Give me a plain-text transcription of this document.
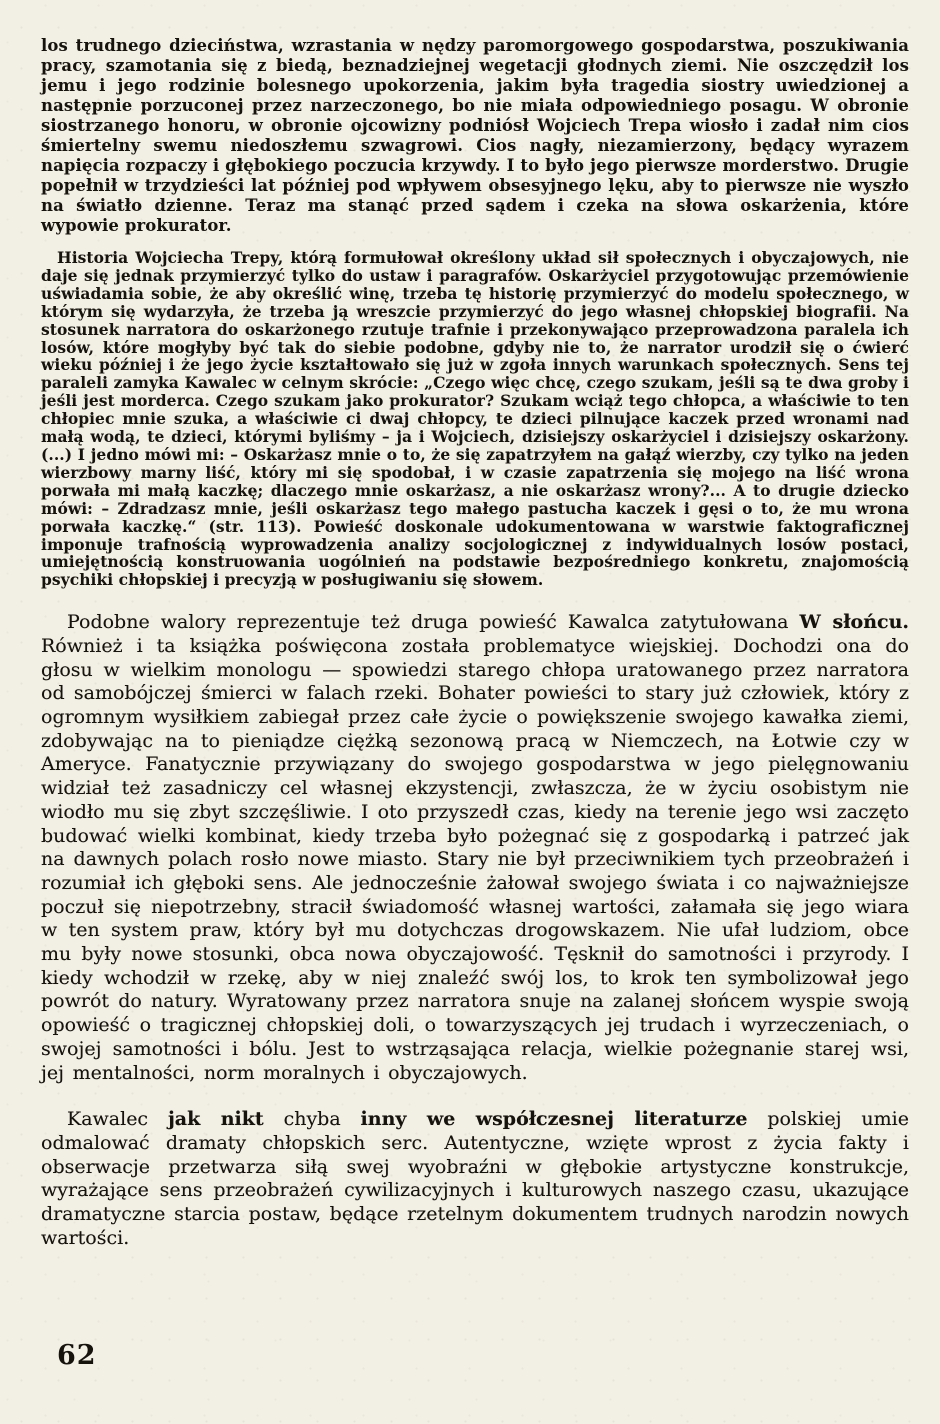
los trudnego dzieciństwa, wzrastania w nędzy paromorgowego gospodarstwa, poszukiwania pracy, szamotania się z biedą, beznadziejnej wegetacji głodnych ziemi. Nie oszczędził los jemu i jego rodzinie bolesnego upokorzenia, jakim była tragedia siostry uwiedzionej a następnie porzuconej przez narzeczonego, bo nie miała odpowiedniego posagu. W obronie siostrzanego honoru, w obronie ojcowizny podniósł Wojciech Trepa wiosło i zadał nim cios śmiertelny swemu niedoszłemu szwagrowi. Cios nagły, niezamierzony, będący wyrazem napięcia rozpaczy i głębokiego poczucia krzywdy. I to było jego pierwsze morderstwo. Drugie popełnił w trzydzieści lat później pod wpływem obsesyjnego lęku, aby to pierwsze nie wyszło na światło dzienne. Teraz ma stanąć przed sądem i czeka na słowa oskarżenia, które wypowie prokurator.

Historia Wojciecha Trepy, którą formułował określony układ sił społecznych i obyczajowych, nie daje się jednak przymierzyć tylko do ustaw i paragrafów. Oskarżyciel przygotowując przemówienie uświadamia sobie, że aby określić winę, trzeba tę historię przymierzyć do modelu społecznego, w którym się wydarzyła, że trzeba ją wreszcie przymierzyć do jego własnej chłopskiej biografii. Na stosunek narratora do oskarżonego rzutuje trafnie i przekonywająco przeprowadzona paralela ich losów, które mogłyby być tak do siebie podobne, gdyby nie to, że narrator urodził się o ćwierć wieku później i że jego życie kształtowało się już w zgoła innych warunkach społecznych. Sens tej paraleli zamyka Kawalec w celnym skrócie: „Czego więc chcę, czego szukam, jeśli są te dwa groby i jeśli jest morderca. Czego szukam jako prokurator? Szukam wciąż tego chłopca, a właściwie to ten chłopiec mnie szuka, a właściwie ci dwaj chłopcy, te dzieci pilnujące kaczek przed wronami nad małą wodą, te dzieci, którymi byliśmy – ja i Wojciech, dzisiejszy oskarżyciel i dzisiejszy oskarżony. (...) I jedno mówi mi: – Oskarżasz mnie o to, że się zapatrzyłem na gałąź wierzby, czy tylko na jeden wierzbowy marny liść, który mi się spodobał, i w czasie zapatrzenia się mojego na liść wrona porwała mi małą kaczkę; dlaczego mnie oskarżasz, a nie oskarżasz wrony?... A to drugie dziecko mówi: – Zdradzasz mnie, jeśli oskarżasz tego małego pastucha kaczek i gęsi o to, że mu wrona porwała kaczkę.“ (str. 113). Powieść doskonale udokumentowana w warstwie faktograficznej imponuje trafnością wyprowadzenia analizy socjologicznej z indywidualnych losów postaci, umiejętnością konstruowania uogólnień na podstawie bezpośredniego konkretu, znajomością psychiki chłopskiej i precyzją w posługiwaniu się słowem.

Podobne walory reprezentuje też druga powieść Kawalca zatytułowana W słońcu. Również i ta książka poświęcona została problematyce wiejskiej. Dochodzi ona do głosu w wielkim monologu — spowiedzi starego chłopa uratowanego przez narratora od samobójczej śmierci w falach rzeki. Bohater powieści to stary już człowiek, który z ogromnym wysiłkiem zabiegał przez całe życie o powiększenie swojego kawałka ziemi, zdobywając na to pieniądze ciężką sezonową pracą w Niemczech, na Łotwie czy w Ameryce. Fanatycznie przywiązany do swojego gospodarstwa w jego pielęgnowaniu widział też zasadniczy cel własnej ekzystencji, zwłaszcza, że w życiu osobistym nie wiodło mu się zbyt szczęśliwie. I oto przyszedł czas, kiedy na terenie jego wsi zaczęto budować wielki kombinat, kiedy trzeba było pożegnać się z gospodarką i patrzeć jak na dawnych polach rosło nowe miasto. Stary nie był przeciwnikiem tych przeobrażeń i rozumiał ich głęboki sens. Ale jednocześnie żałował swojego świata i co najważniejsze poczuł się niepotrzebny, stracił świadomość własnej wartości, załamała się jego wiara w ten system praw, który był mu dotychczas drogowskazem. Nie ufał ludziom, obce mu były nowe stosunki, obca nowa obyczajowość. Tęsknił do samotności i przyrody. I kiedy wchodził w rzekę, aby w niej znaleźć swój los, to krok ten symbolizował jego powrót do natury. Wyratowany przez narratora snuje na zalanej słońcem wyspie swoją opowieść o tragicznej chłopskiej doli, o towarzyszących jej trudach i wyrzeczeniach, o swojej samotności i bólu. Jest to wstrząsająca relacja, wielkie pożegnanie starej wsi, jej mentalności, norm moralnych i obyczajowych.

Kawalec jak nikt chyba inny we współczesnej literaturze polskiej umie odmalować dramaty chłopskich serc. Autentyczne, wzięte wprost z życia fakty i obserwacje przetwarza siłą swej wyobraźni w głębokie artystyczne konstrukcje, wyrażające sens przeobrażeń cywilizacyjnych i kulturowych naszego czasu, ukazujące dramatyczne starcia postaw, będące rzetelnym dokumentem trudnych narodzin nowych wartości.

62
